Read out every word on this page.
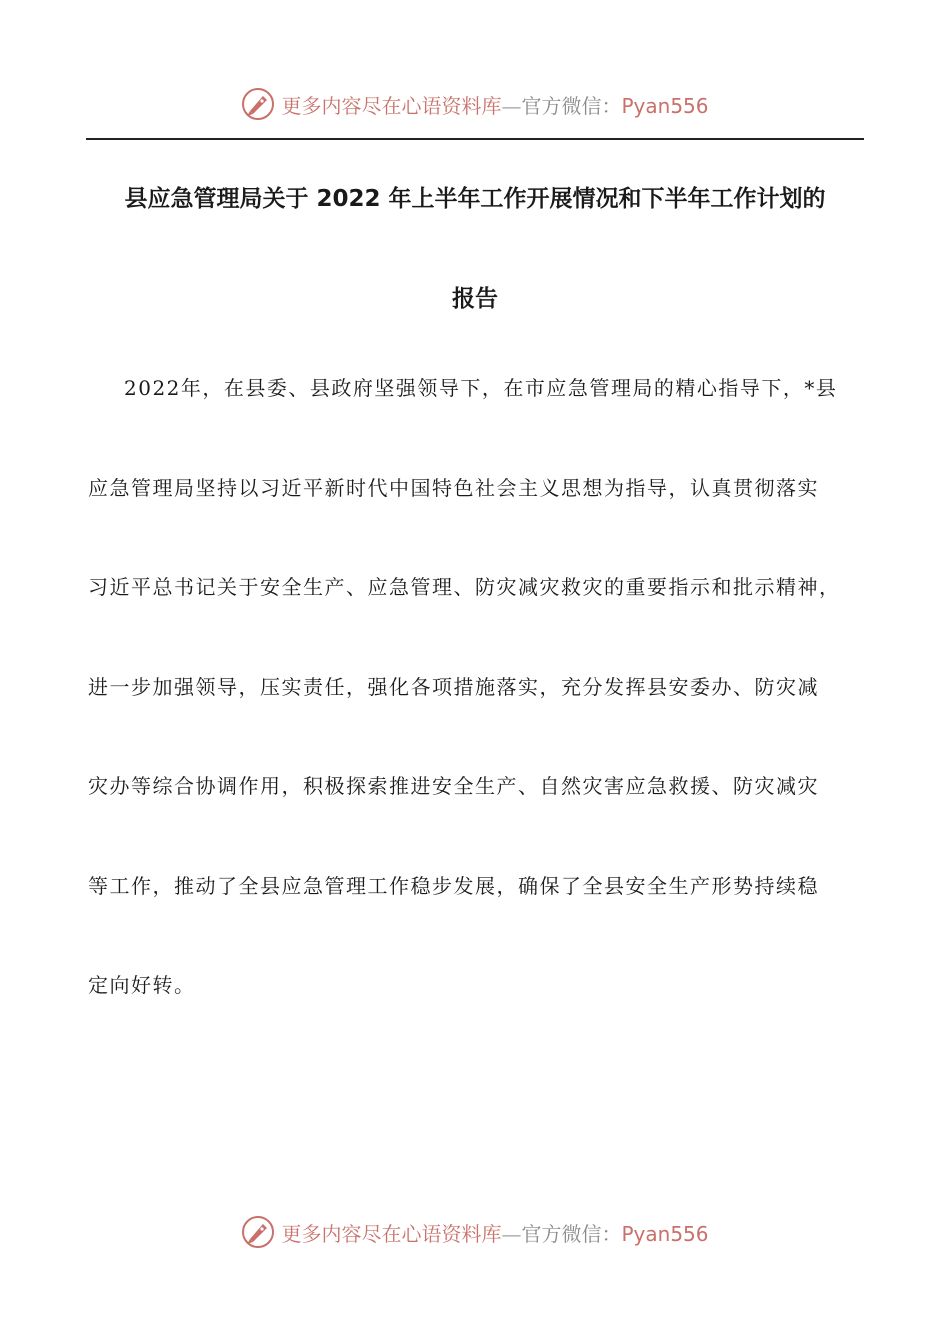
更多内容尽在心语资料库—官方微信：Pyan556
县应急管理局关于 2022 年上半年工作开展情况和下半年工作计划的
报告

2022年，在县委、县政府坚强领导下，在市应急管理局的精心指导下，*县

应急管理局坚持以习近平新时代中国特色社会主义思想为指导，认真贯彻落实

习近平总书记关于安全生产、应急管理、防灾减灾救灾的重要指示和批示精神，

进一步加强领导，压实责任，强化各项措施落实，充分发挥县安委办、防灾减

灾办等综合协调作用，积极探索推进安全生产、自然灾害应急救援、防灾减灾

等工作，推动了全县应急管理工作稳步发展，确保了全县安全生产形势持续稳

定向好转。

更多内容尽在心语资料库—官方微信：Pyan556
